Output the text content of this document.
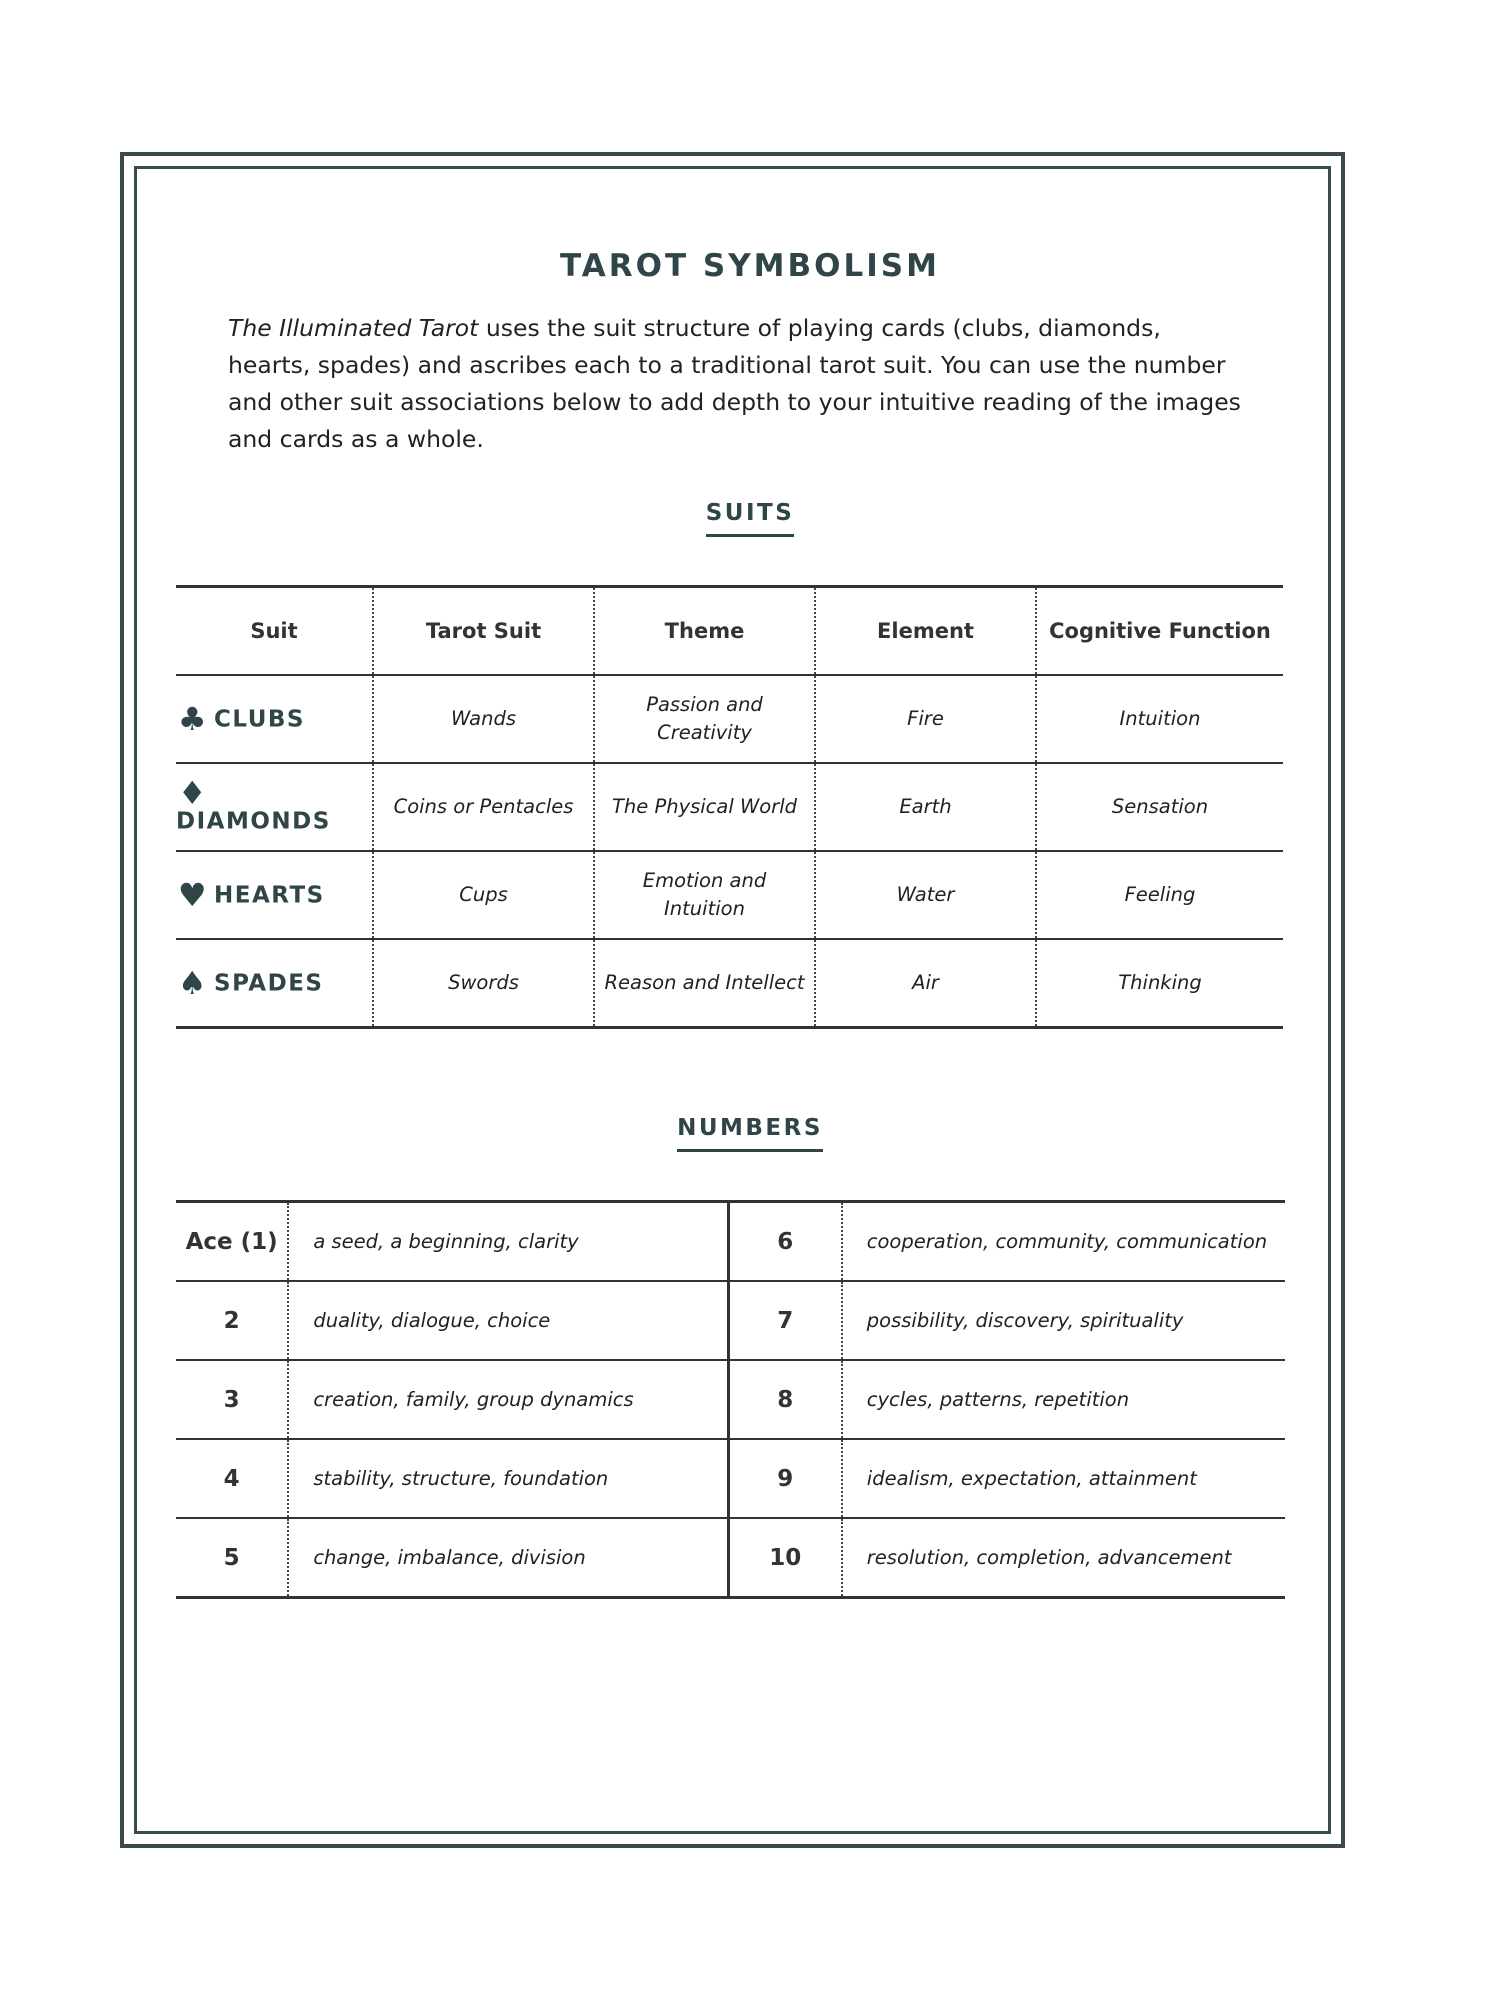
TAROT SYMBOLISM
The Illuminated Tarot uses the suit structure of playing cards (clubs, diamonds, hearts, spades) and ascribes each to a traditional tarot suit. You can use the number and other suit associations below to add depth to your intuitive reading of the images and cards as a whole.
SUITS
Suit	Tarot Suit	Theme	Element	Cognitive Function
♣ CLUBS	Wands	Passion and Creativity	Fire	Intuition
♦DIAMONDS	Coins or Pentacles	The Physical World	Earth	Sensation
♥ HEARTS	Cups	Emotion and Intuition	Water	Feeling
♠ SPADES	Swords	Reason and Intellect	Air	Thinking
NUMBERS
Ace (1)	a seed, a beginning, clarity	6	cooperation, community, communication
2	duality, dialogue, choice	7	possibility, discovery, spirituality
3	creation, family, group dynamics	8	cycles, patterns, repetition
4	stability, structure, foundation	9	idealism, expectation, attainment
5	change, imbalance, division	10	resolution, completion, advancement
